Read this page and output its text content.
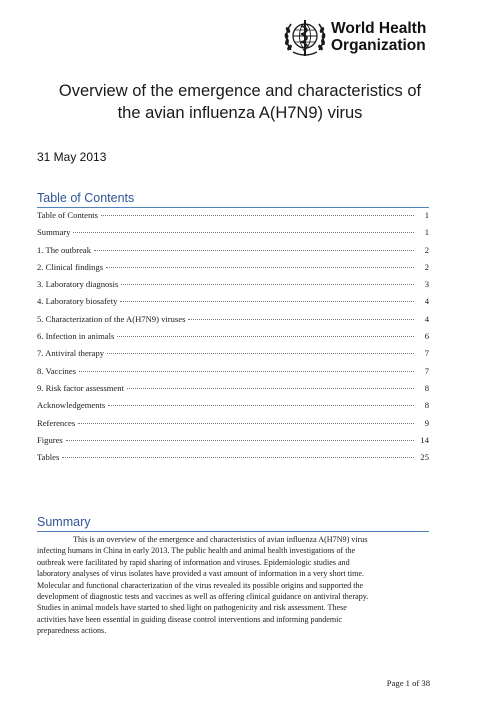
World Health
Organization
Overview of the emergence and characteristics of
the avian influenza A(H7N9) virus
31 May 2013
Table of Contents
Table of Contents	1
Summary	1
1. The outbreak	2
2. Clinical findings	2
3. Laboratory diagnosis	3
4. Laboratory biosafety	4
5. Characterization of the A(H7N9) viruses	4
6. Infection in animals	6
7. Antiviral therapy	7
8. Vaccines	7
9. Risk factor assessment	8
Acknowledgements	8
References	9
Figures	14
Tables	25
Summary

This is an overview of the emergence and characteristics of avian influenza A(H7N9) virus
infecting humans in China in early 2013. The public health and animal health investigations of the
outbreak were facilitated by rapid sharing of information and viruses. Epidemiologic studies and
laboratory analyses of virus isolates have provided a vast amount of information in a very short time.
Molecular and functional characterization of the virus revealed its possible origins and supported the
development of diagnostic tests and vaccines as well as offering clinical guidance on antiviral therapy.
Studies in animal models have started to shed light on pathogenicity and risk assessment. These
activities have been essential in guiding disease control interventions and informing pandemic
preparedness actions.

Page 1 of 38
